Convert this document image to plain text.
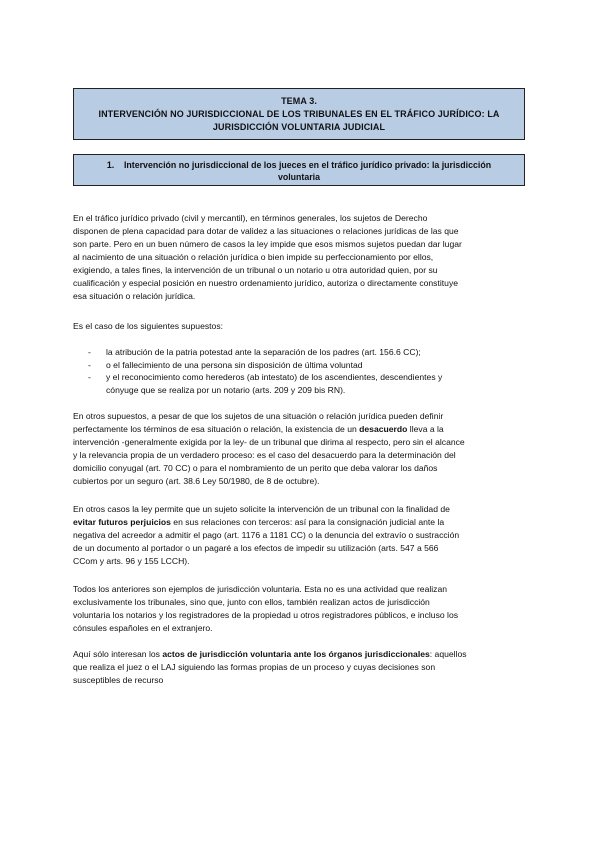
TEMA 3.
INTERVENCIÓN NO JURISDICCIONAL DE LOS TRIBUNALES EN EL TRÁFICO JURÍDICO: LA
JURISDICCIÓN VOLUNTARIA JUDICIAL
1.    Intervención no jurisdiccional de los jueces en el tráfico jurídico privado: la jurisdicción
voluntaria
En el tráfico jurídico privado (civil y mercantil), en términos generales, los sujetos de Derecho
disponen de plena capacidad para dotar de validez a las situaciones o relaciones jurídicas de las que
son parte. Pero en un buen número de casos la ley impide que esos mismos sujetos puedan dar lugar
al nacimiento de una situación o relación jurídica o bien impide su perfeccionamiento por ellos,
exigiendo, a tales fines, la intervención de un tribunal o un notario u otra autoridad quien, por su
cualificación y especial posición en nuestro ordenamiento jurídico, autoriza o directamente constituye
esa situación o relación jurídica.
Es el caso de los siguientes supuestos:
- la atribución de la patria potestad ante la separación de los padres (art. 156.6 CC);
- o el fallecimiento de una persona sin disposición de última voluntad
- y el reconocimiento como herederos (ab intestato) de los ascendientes, descendientes y
cónyuge que se realiza por un notario (arts. 209 y 209 bis RN).
En otros supuestos, a pesar de que los sujetos de una situación o relación jurídica pueden definir
perfectamente los términos de esa situación o relación, la existencia de un desacuerdo lleva a la
intervención -generalmente exigida por la ley- de un tribunal que dirima al respecto, pero sin el alcance
y la relevancia propia de un verdadero proceso: es el caso del desacuerdo para la determinación del
domicilio conyugal (art. 70 CC) o para el nombramiento de un perito que deba valorar los daños
cubiertos por un seguro (art. 38.6 Ley 50/1980, de 8 de octubre).
En otros casos la ley permite que un sujeto solicite la intervención de un tribunal con la finalidad de
evitar futuros perjuicios en sus relaciones con terceros: así para la consignación judicial ante la
negativa del acreedor a admitir el pago (art. 1176 a 1181 CC) o la denuncia del extravío o sustracción
de un documento al portador o un pagaré a los efectos de impedir su utilización (arts. 547 a 566
CCom y arts. 96 y 155 LCCH).
Todos los anteriores son ejemplos de jurisdicción voluntaria. Esta no es una actividad que realizan
exclusivamente los tribunales, sino que, junto con ellos, también realizan actos de jurisdicción
voluntaria los notarios y los registradores de la propiedad u otros registradores públicos, e incluso los
cónsules españoles en el extranjero.
Aquí sólo interesan los actos de jurisdicción voluntaria ante los órganos jurisdiccionales: aquellos
que realiza el juez o el LAJ siguiendo las formas propias de un proceso y cuyas decisiones son
susceptibles de recurso
